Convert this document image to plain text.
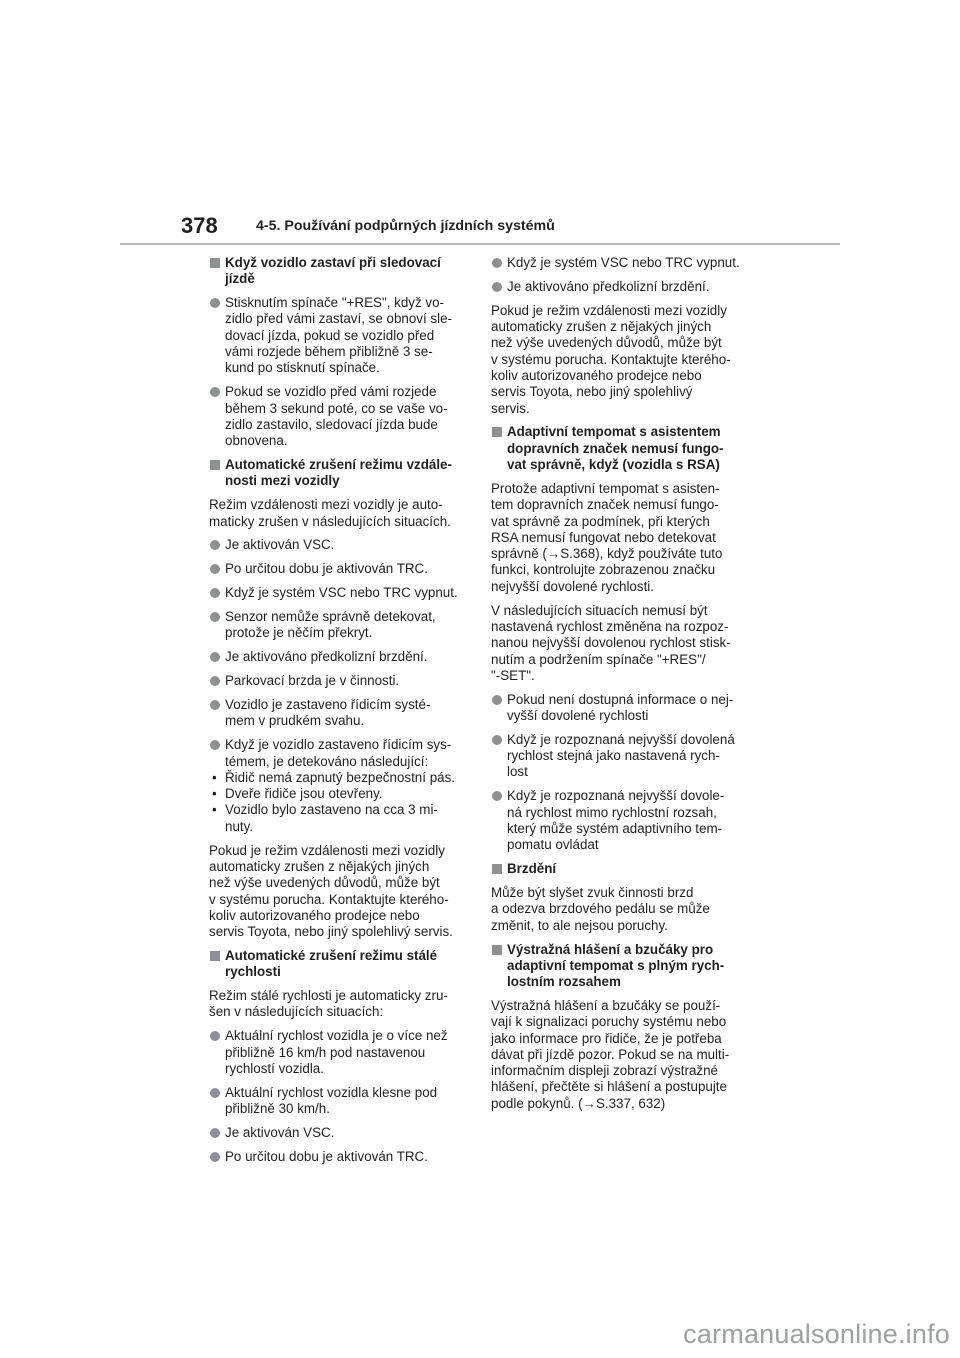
378	4-5. Používání podpůrných jízdních systémů
Když vozidlo zastaví při sledovací
jízdě
Stisknutím spínače "+RES", když vo-
zidlo před vámi zastaví, se obnoví sle-
dovací jízda, pokud se vozidlo před
vámi rozjede během přibližně 3 se-
kund po stisknutí spínače.
Pokud se vozidlo před vámi rozjede
během 3 sekund poté, co se vaše vo-
zidlo zastavilo, sledovací jízda bude
obnovena.
Automatické zrušení režimu vzdále-
nosti mezi vozidly

Režim vzdálenosti mezi vozidly je auto-
maticky zrušen v následujících situacích.

Je aktivován VSC.
Po určitou dobu je aktivován TRC.
Když je systém VSC nebo TRC vypnut.
Senzor nemůže správně detekovat,
protože je něčím překryt.
Je aktivováno předkolizní brzdění.
Parkovací brzda je v činnosti.
Vozidlo je zastaveno řídicím systé-
mem v prudkém svahu.
Když je vozidlo zastaveno řídicím sys-
témem, je detekováno následující:
• Řidič nemá zapnutý bezpečnostní pás.
• Dveře řidiče jsou otevřeny.
• Vozidlo bylo zastaveno na cca 3 mi-
nuty.

Pokud je režim vzdálenosti mezi vozidly
automaticky zrušen z nějakých jiných
než výše uvedených důvodů, může být
v systému porucha. Kontaktujte kterého-
koliv autorizovaného prodejce nebo
servis Toyota, nebo jiný spolehlivý servis.

Automatické zrušení režimu stálé
rychlosti

Režim stálé rychlosti je automaticky zru-
šen v následujících situacích:

Aktuální rychlost vozidla je o více než
přibližně 16 km/h pod nastavenou
rychlostí vozidla.
Aktuální rychlost vozidla klesne pod
přibližně 30 km/h.
Je aktivován VSC.
Po určitou dobu je aktivován TRC.
Když je systém VSC nebo TRC vypnut.
Je aktivováno předkolizní brzdění.

Pokud je režim vzdálenosti mezi vozidly
automaticky zrušen z nějakých jiných
než výše uvedených důvodů, může být
v systému porucha. Kontaktujte kterého-
koliv autorizovaného prodejce nebo
servis Toyota, nebo jiný spolehlivý
servis.

Adaptivní tempomat s asistentem
dopravních značek nemusí fungo-
vat správně, když (vozidla s RSA)

Protože adaptivní tempomat s asisten-
tem dopravních značek nemusí fungo-
vat správně za podmínek, při kterých
RSA nemusí fungovat nebo detekovat
správně (→S.368), když používáte tuto
funkci, kontrolujte zobrazenou značku
nejvyšší dovolené rychlosti.

V následujících situacích nemusí být
nastavená rychlost změněna na rozpoz-
nanou nejvyšší dovolenou rychlost stisk-
nutím a podržením spínače "+RES"/
"-SET".

Pokud není dostupná informace o nej-
vyšší dovolené rychlosti
Když je rozpoznaná nejvyšší dovolená
rychlost stejná jako nastavená rych-
lost
Když je rozpoznaná nejvyšší dovole-
ná rychlost mimo rychlostní rozsah,
který může systém adaptivního tem-
pomatu ovládat
Brzdění

Může být slyšet zvuk činnosti brzd
a odezva brzdového pedálu se může
změnit, to ale nejsou poruchy.

Výstražná hlášení a bzučáky pro
adaptivní tempomat s plným rych-
lostním rozsahem

Výstražná hlášení a bzučáky se použí-
vají k signalizaci poruchy systému nebo
jako informace pro řidiče, že je potřeba
dávat při jízdě pozor. Pokud se na multi-
informačním displeji zobrazí výstražné
hlášení, přečtěte si hlášení a postupujte
podle pokynů. (→S.337, 632)

carmanualsonline.info
